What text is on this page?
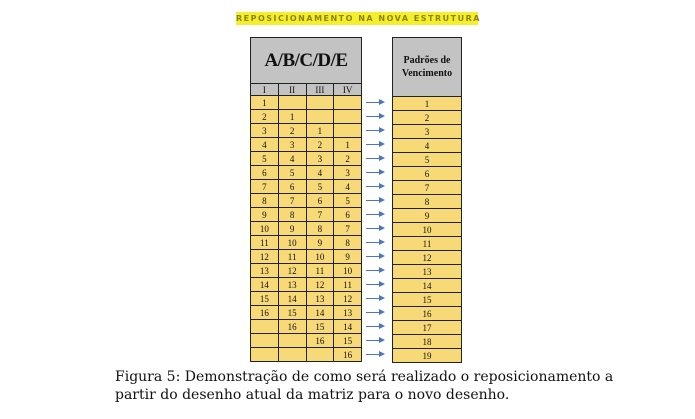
REPOSICIONAMENTO NA NOVA ESTRUTURA
A/B/C/D/E			
I	II	III	IV
1			
2	1		
3	2	1	
4	3	2	1
5	4	3	2
6	5	4	3
7	6	5	4
8	7	6	5
9	8	7	6
10	9	8	7
11	10	9	8
12	11	10	9
13	12	11	10
14	13	12	11
15	14	13	12
16	15	14	13
	16	15	14
		16	15
			16
Padrões de Vencimento
1
2
3
4
5
6
7
8
9
10
11
12
13
14
15
16
17
18
19
Figura 5: Demonstração de como será realizado o reposicionamento a partir do desenho atual da matriz para o novo desenho.
